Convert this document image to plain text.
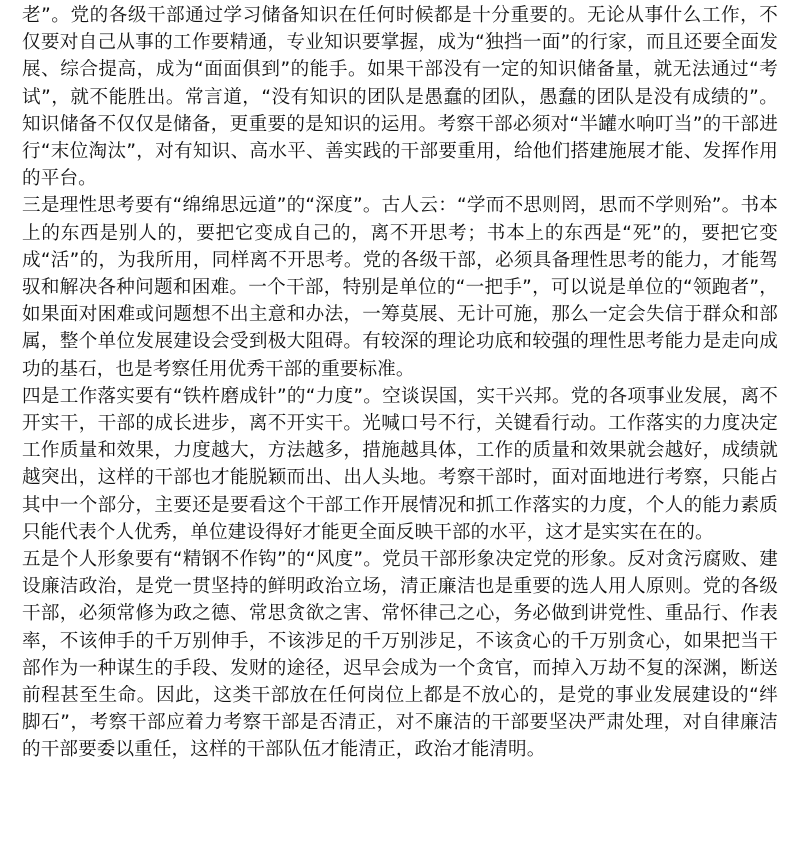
老”。党的各级干部通过学习储备知识在任何时候都是十分重要的。无论从事什么工作，不仅要对自己从事的工作要精通，专业知识要掌握，成为“独挡一面”的行家，而且还要全面发展、综合提高，成为“面面俱到”的能手。如果干部没有一定的知识储备量，就无法通过“考试”，就不能胜出。常言道，“没有知识的团队是愚蠢的团队，愚蠢的团队是没有成绩的”。知识储备不仅仅是储备，更重要的是知识的运用。考察干部必须对“半罐水响叮当”的干部进行“末位淘汰”，对有知识、高水平、善实践的干部要重用，给他们搭建施展才能、发挥作用的平台。

三是理性思考要有“绵绵思远道”的“深度”。古人云：“学而不思则罔，思而不学则殆”。书本上的东西是别人的，要把它变成自己的，离不开思考；书本上的东西是“死”的，要把它变成“活”的，为我所用，同样离不开思考。党的各级干部，必须具备理性思考的能力，才能驾驭和解决各种问题和困难。一个干部，特别是单位的“一把手”，可以说是单位的“领跑者”，如果面对困难或问题想不出主意和办法，一筹莫展、无计可施，那么一定会失信于群众和部属，整个单位发展建设会受到极大阻碍。有较深的理论功底和较强的理性思考能力是走向成功的基石，也是考察任用优秀干部的重要标准。

四是工作落实要有“铁杵磨成针”的“力度”。空谈误国，实干兴邦。党的各项事业发展，离不开实干，干部的成长进步，离不开实干。光喊口号不行，关键看行动。工作落实的力度决定工作质量和效果，力度越大，方法越多，措施越具体，工作的质量和效果就会越好，成绩就越突出，这样的干部也才能脱颖而出、出人头地。考察干部时，面对面地进行考察，只能占其中一个部分，主要还是要看这个干部工作开展情况和抓工作落实的力度，个人的能力素质只能代表个人优秀，单位建设得好才能更全面反映干部的水平，这才是实实在在的。

五是个人形象要有“精钢不作钩”的“风度”。党员干部形象决定党的形象。反对贪污腐败、建设廉洁政治，是党一贯坚持的鲜明政治立场，清正廉洁也是重要的选人用人原则。党的各级干部，必须常修为政之德、常思贪欲之害、常怀律己之心，务必做到讲党性、重品行、作表率，不该伸手的千万别伸手，不该涉足的千万别涉足，不该贪心的千万别贪心，如果把当干部作为一种谋生的手段、发财的途径，迟早会成为一个贪官，而掉入万劫不复的深渊，断送前程甚至生命。因此，这类干部放在任何岗位上都是不放心的，是党的事业发展建设的“绊脚石”，考察干部应着力考察干部是否清正，对不廉洁的干部要坚决严肃处理，对自律廉洁的干部要委以重任，这样的干部队伍才能清正，政治才能清明。
